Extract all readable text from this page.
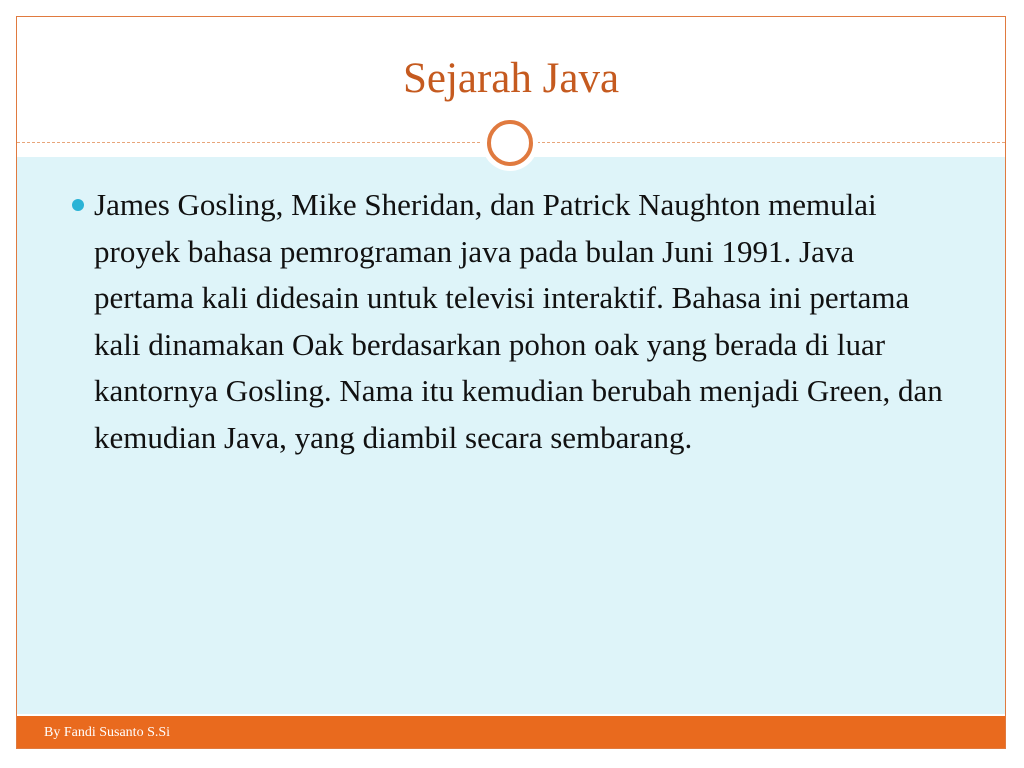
Sejarah Java
James Gosling, Mike Sheridan, dan Patrick Naughton memulai proyek bahasa pemrograman java pada bulan Juni 1991. Java pertama kali didesain untuk televisi interaktif. Bahasa ini pertama kali dinamakan Oak berdasarkan pohon oak yang berada di luar kantornya Gosling. Nama itu kemudian berubah menjadi Green, dan kemudian Java, yang diambil secara sembarang.
By Fandi Susanto S.Si
